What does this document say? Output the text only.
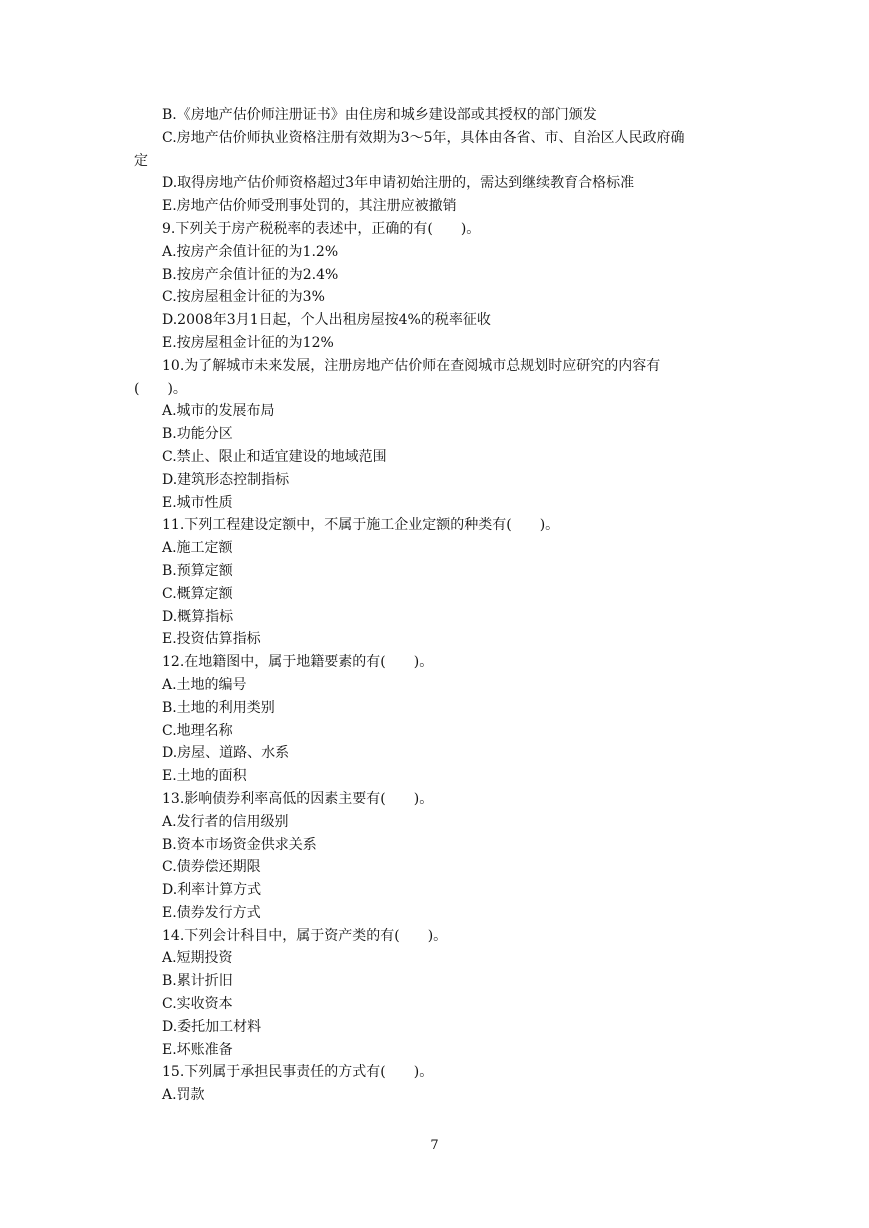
B.《房地产估价师注册证书》由住房和城乡建设部或其授权的部门颁发
C.房地产估价师执业资格注册有效期为3～5年，具体由各省、市、自治区人民政府确
定
D.取得房地产估价师资格超过3年申请初始注册的，需达到继续教育合格标准
E.房地产估价师受刑事处罚的，其注册应被撤销
9.下列关于房产税税率的表述中，正确的有(　　)。
A.按房产余值计征的为1.2%
B.按房产余值计征的为2.4%
C.按房屋租金计征的为3%
D.2008年3月1日起，个人出租房屋按4%的税率征收
E.按房屋租金计征的为12%
10.为了解城市未来发展，注册房地产估价师在查阅城市总规划时应研究的内容有
(　　)。
A.城市的发展布局
B.功能分区
C.禁止、限止和适宜建设的地域范围
D.建筑形态控制指标
E.城市性质
11.下列工程建设定额中，不属于施工企业定额的种类有(　　)。
A.施工定额
B.预算定额
C.概算定额
D.概算指标
E.投资估算指标
12.在地籍图中，属于地籍要素的有(　　)。
A.土地的编号
B.土地的利用类别
C.地理名称
D.房屋、道路、水系
E.土地的面积
13.影响债券利率高低的因素主要有(　　)。
A.发行者的信用级别
B.资本市场资金供求关系
C.债券偿还期限
D.利率计算方式
E.债券发行方式
14.下列会计科目中，属于资产类的有(　　)。
A.短期投资
B.累计折旧
C.实收资本
D.委托加工材料
E.坏账准备
15.下列属于承担民事责任的方式有(　　)。
A.罚款
7
